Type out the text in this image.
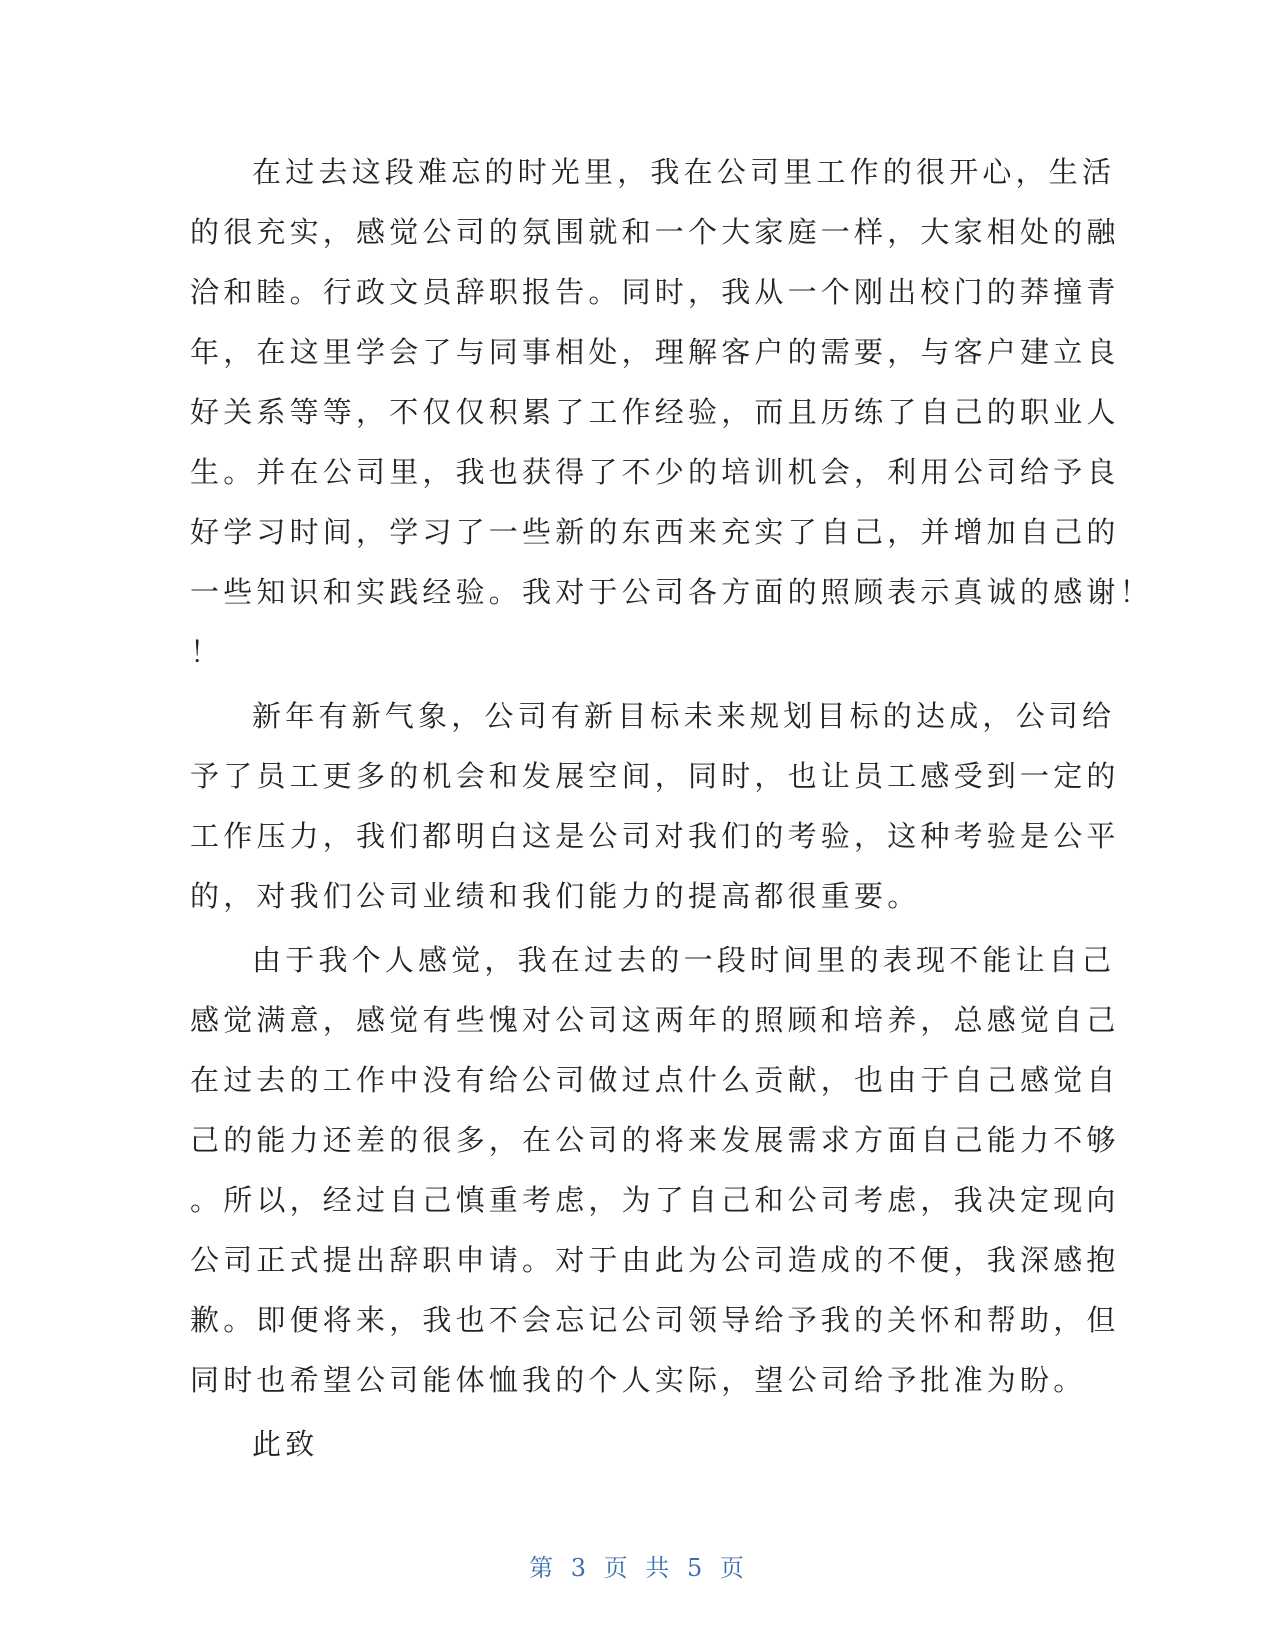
在过去这段难忘的时光里，我在公司里工作的很开心，生活
的很充实，感觉公司的氛围就和一个大家庭一样，大家相处的融
洽和睦。行政文员辞职报告。同时，我从一个刚出校门的莽撞青
年，在这里学会了与同事相处，理解客户的需要，与客户建立良
好关系等等，不仅仅积累了工作经验，而且历练了自己的职业人
生。并在公司里，我也获得了不少的培训机会，利用公司给予良
好学习时间，学习了一些新的东西来充实了自己，并增加自己的
一些知识和实践经验。我对于公司各方面的照顾表示真诚的感谢！
！
新年有新气象，公司有新目标未来规划目标的达成，公司给
予了员工更多的机会和发展空间，同时，也让员工感受到一定的
工作压力，我们都明白这是公司对我们的考验，这种考验是公平
的，对我们公司业绩和我们能力的提高都很重要。
由于我个人感觉，我在过去的一段时间里的表现不能让自己
感觉满意，感觉有些愧对公司这两年的照顾和培养，总感觉自己
在过去的工作中没有给公司做过点什么贡献，也由于自己感觉自
己的能力还差的很多，在公司的将来发展需求方面自己能力不够
。所以，经过自己慎重考虑，为了自己和公司考虑，我决定现向
公司正式提出辞职申请。对于由此为公司造成的不便，我深感抱
歉。即便将来，我也不会忘记公司领导给予我的关怀和帮助，但
同时也希望公司能体恤我的个人实际，望公司给予批准为盼。
此致
第 3 页 共 5 页
